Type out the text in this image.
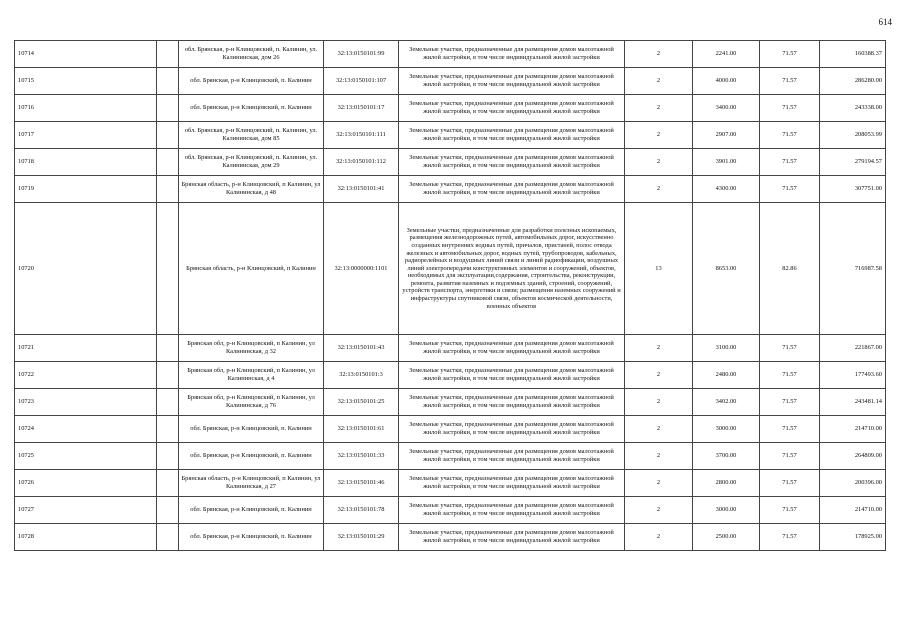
614
10714		обл. Брянская, р-н Клинцовский, п. Калинин, ул. Калининская, дом 26	32:13:0150101:99	Земельные участки, предназначенные для размещения домов малоэтажной жилой застройки, в том числе индивидуальной жилой застройки	2	2241.00	71.57	160388.37
10715		обл. Брянская, р-н Клинцовский, п. Калинин	32:13:0150101:107	Земельные участки, предназначенные для размещения домов малоэтажной жилой застройки, в том числе индивидуальной жилой застройки	2	4000.00	71.57	286280.00
10716		обл. Брянская, р-н Клинцовский, п. Калинин	32:13:0150101:17	Земельные участки, предназначенные для размещения домов малоэтажной жилой застройки, в том числе индивидуальной жилой застройки	2	3400.00	71.57	243338.00
10717		обл. Брянская, р-н Клинцовский, п. Калинин, ул. Калининская, дом 85	32:13:0150101:111	Земельные участки, предназначенные для размещения домов малоэтажной жилой застройки, в том числе индивидуальной жилой застройки	2	2907.00	71.57	208053.99
10718		обл. Брянская, р-н Клинцовский, п. Калинин, ул. Калининская, дом 29	32:13:0150101:112	Земельные участки, предназначенные для размещения домов малоэтажной жилой застройки, в том числе индивидуальной жилой застройки	2	3901.00	71.57	279194.57
10719		Брянская область, р-н Клинцовский, п Калинин, ул Калининская, д 48	32:13:0150101:41	Земельные участки, предназначенные для размещения домов малоэтажной жилой застройки, в том числе индивидуальной жилой застройки	2	4300.00	71.57	307751.00
10720		Брянская область, р-н Клинцовский, п Калинин	32:13:0000000:1101	Земельные участки, предназначенные для разработки полезных ископаемых, размещения железнодорожных путей, автомобильных дорог, искусственно созданных внутренних водных путей, причалов, пристаней, полос отвода железных и автомобильных дорог, водных путей, трубопроводов, кабельных, радиорелейных и воздушных линий связи и линий радиофикации, воздушных линий электропередачи конструктивных элементов и сооружений, объектов, необходимых для эксплуатации,содержания, строительства, реконструкции, ремонта, развития наземных и подземных зданий, строений, сооружений, устройств транспорта, энергетики и связи; размещения наземных сооружений и инфраструктуры спутниковой связи, объектов космической деятельности, военных объектов	13	8653.00	82.86	716987.58
10721		Брянская обл, р-н Клинцовский, п Калинин, ул Калининская, д 32	32:13:0150101:43	Земельные участки, предназначенные для размещения домов малоэтажной жилой застройки, в том числе индивидуальной жилой застройки	2	3100.00	71.57	221867.00
10722		Брянская обл, р-н Клинцовский, п Калинин, ул Калининская, д 4	32:13:0150101:3	Земельные участки, предназначенные для размещения домов малоэтажной жилой застройки, в том числе индивидуальной жилой застройки	2	2480.00	71.57	177493.60
10723		Брянская обл, р-н Клинцовский, п Калинин, ул Калининская, д 76	32:13:0150101:25	Земельные участки, предназначенные для размещения домов малоэтажной жилой застройки, в том числе индивидуальной жилой застройки	2	3402.00	71.57	243481.14
10724		обл. Брянская, р-н Клинцовский, п. Калинин	32:13:0150101:61	Земельные участки, предназначенные для размещения домов малоэтажной жилой застройки, в том числе индивидуальной жилой застройки	2	3000.00	71.57	214710.00
10725		обл. Брянская, р-н Клинцовский, п. Калинин	32:13:0150101:33	Земельные участки, предназначенные для размещения домов малоэтажной жилой застройки, в том числе индивидуальной жилой застройки	2	3700.00	71.57	264809.00
10726		Брянская область, р-н Клинцовский, п Калинин, ул Калининская, д 27	32:13:0150101:46	Земельные участки, предназначенные для размещения домов малоэтажной жилой застройки, в том числе индивидуальной жилой застройки	2	2800.00	71.57	200396.00
10727		обл. Брянская, р-н Клинцовский, п. Калинин	32:13:0150101:78	Земельные участки, предназначенные для размещения домов малоэтажной жилой застройки, в том числе индивидуальной жилой застройки	2	3000.00	71.57	214710.00
10728		обл. Брянская, р-н Клинцовский, п. Калинин	32:13:0150101:29	Земельные участки, предназначенные для размещения домов малоэтажной жилой застройки, в том числе индивидуальной жилой застройки	2	2500.00	71.57	178925.00
